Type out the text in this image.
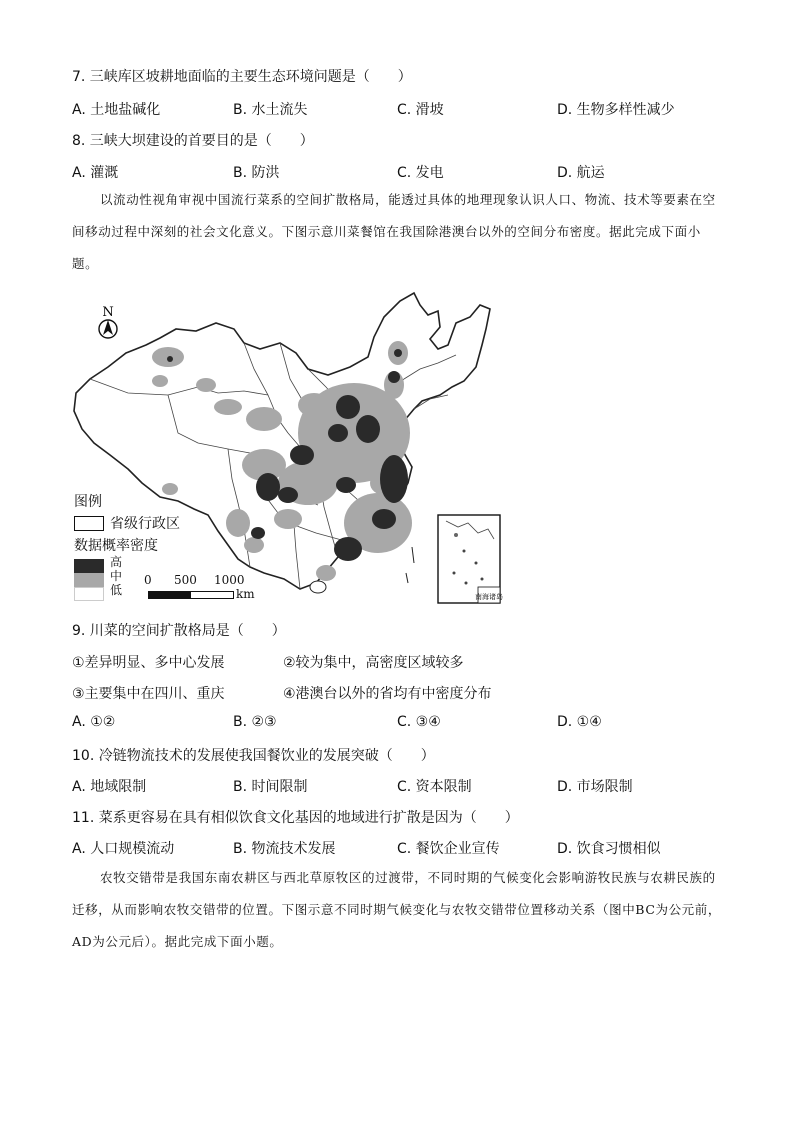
7. 三峡库区坡耕地面临的主要生态环境问题是（　　）
A. 土地盐碱化	B. 水土流失	C. 滑坡	D. 生物多样性减少
8. 三峡大坝建设的首要目的是（　　）
A. 灌溉	B. 防洪	C. 发电	D. 航运

以流动性视角审视中国流行菜系的空间扩散格局，能透过具体的地理现象认识人口、物流、技术等要素在空间移动过程中深刻的社会文化意义。下图示意川菜餐馆在我国除港澳台以外的空间分布密度。据此完成下面小题。

N
南海诸岛
图例
省级行政区
数据概率密度
高
中
低
0 500 1000
km
9. 川菜的空间扩散格局是（　　）
①差异明显、多中心发展	②较为集中，高密度区域较多
③主要集中在四川、重庆	④港澳台以外的省均有中密度分布
A. ①②	B. ②③	C. ③④	D. ①④
10. 冷链物流技术的发展使我国餐饮业的发展突破（　　）
A. 地域限制	B. 时间限制	C. 资本限制	D. 市场限制
11. 菜系更容易在具有相似饮食文化基因的地域进行扩散是因为（　　）
A. 人口规模流动	B. 物流技术发展	C. 餐饮企业宣传	D. 饮食习惯相似

农牧交错带是我国东南农耕区与西北草原牧区的过渡带，不同时期的气候变化会影响游牧民族与农耕民族的迁移，从而影响农牧交错带的位置。下图示意不同时期气候变化与农牧交错带位置移动关系（图中BC为公元前，AD为公元后）。据此完成下面小题。
